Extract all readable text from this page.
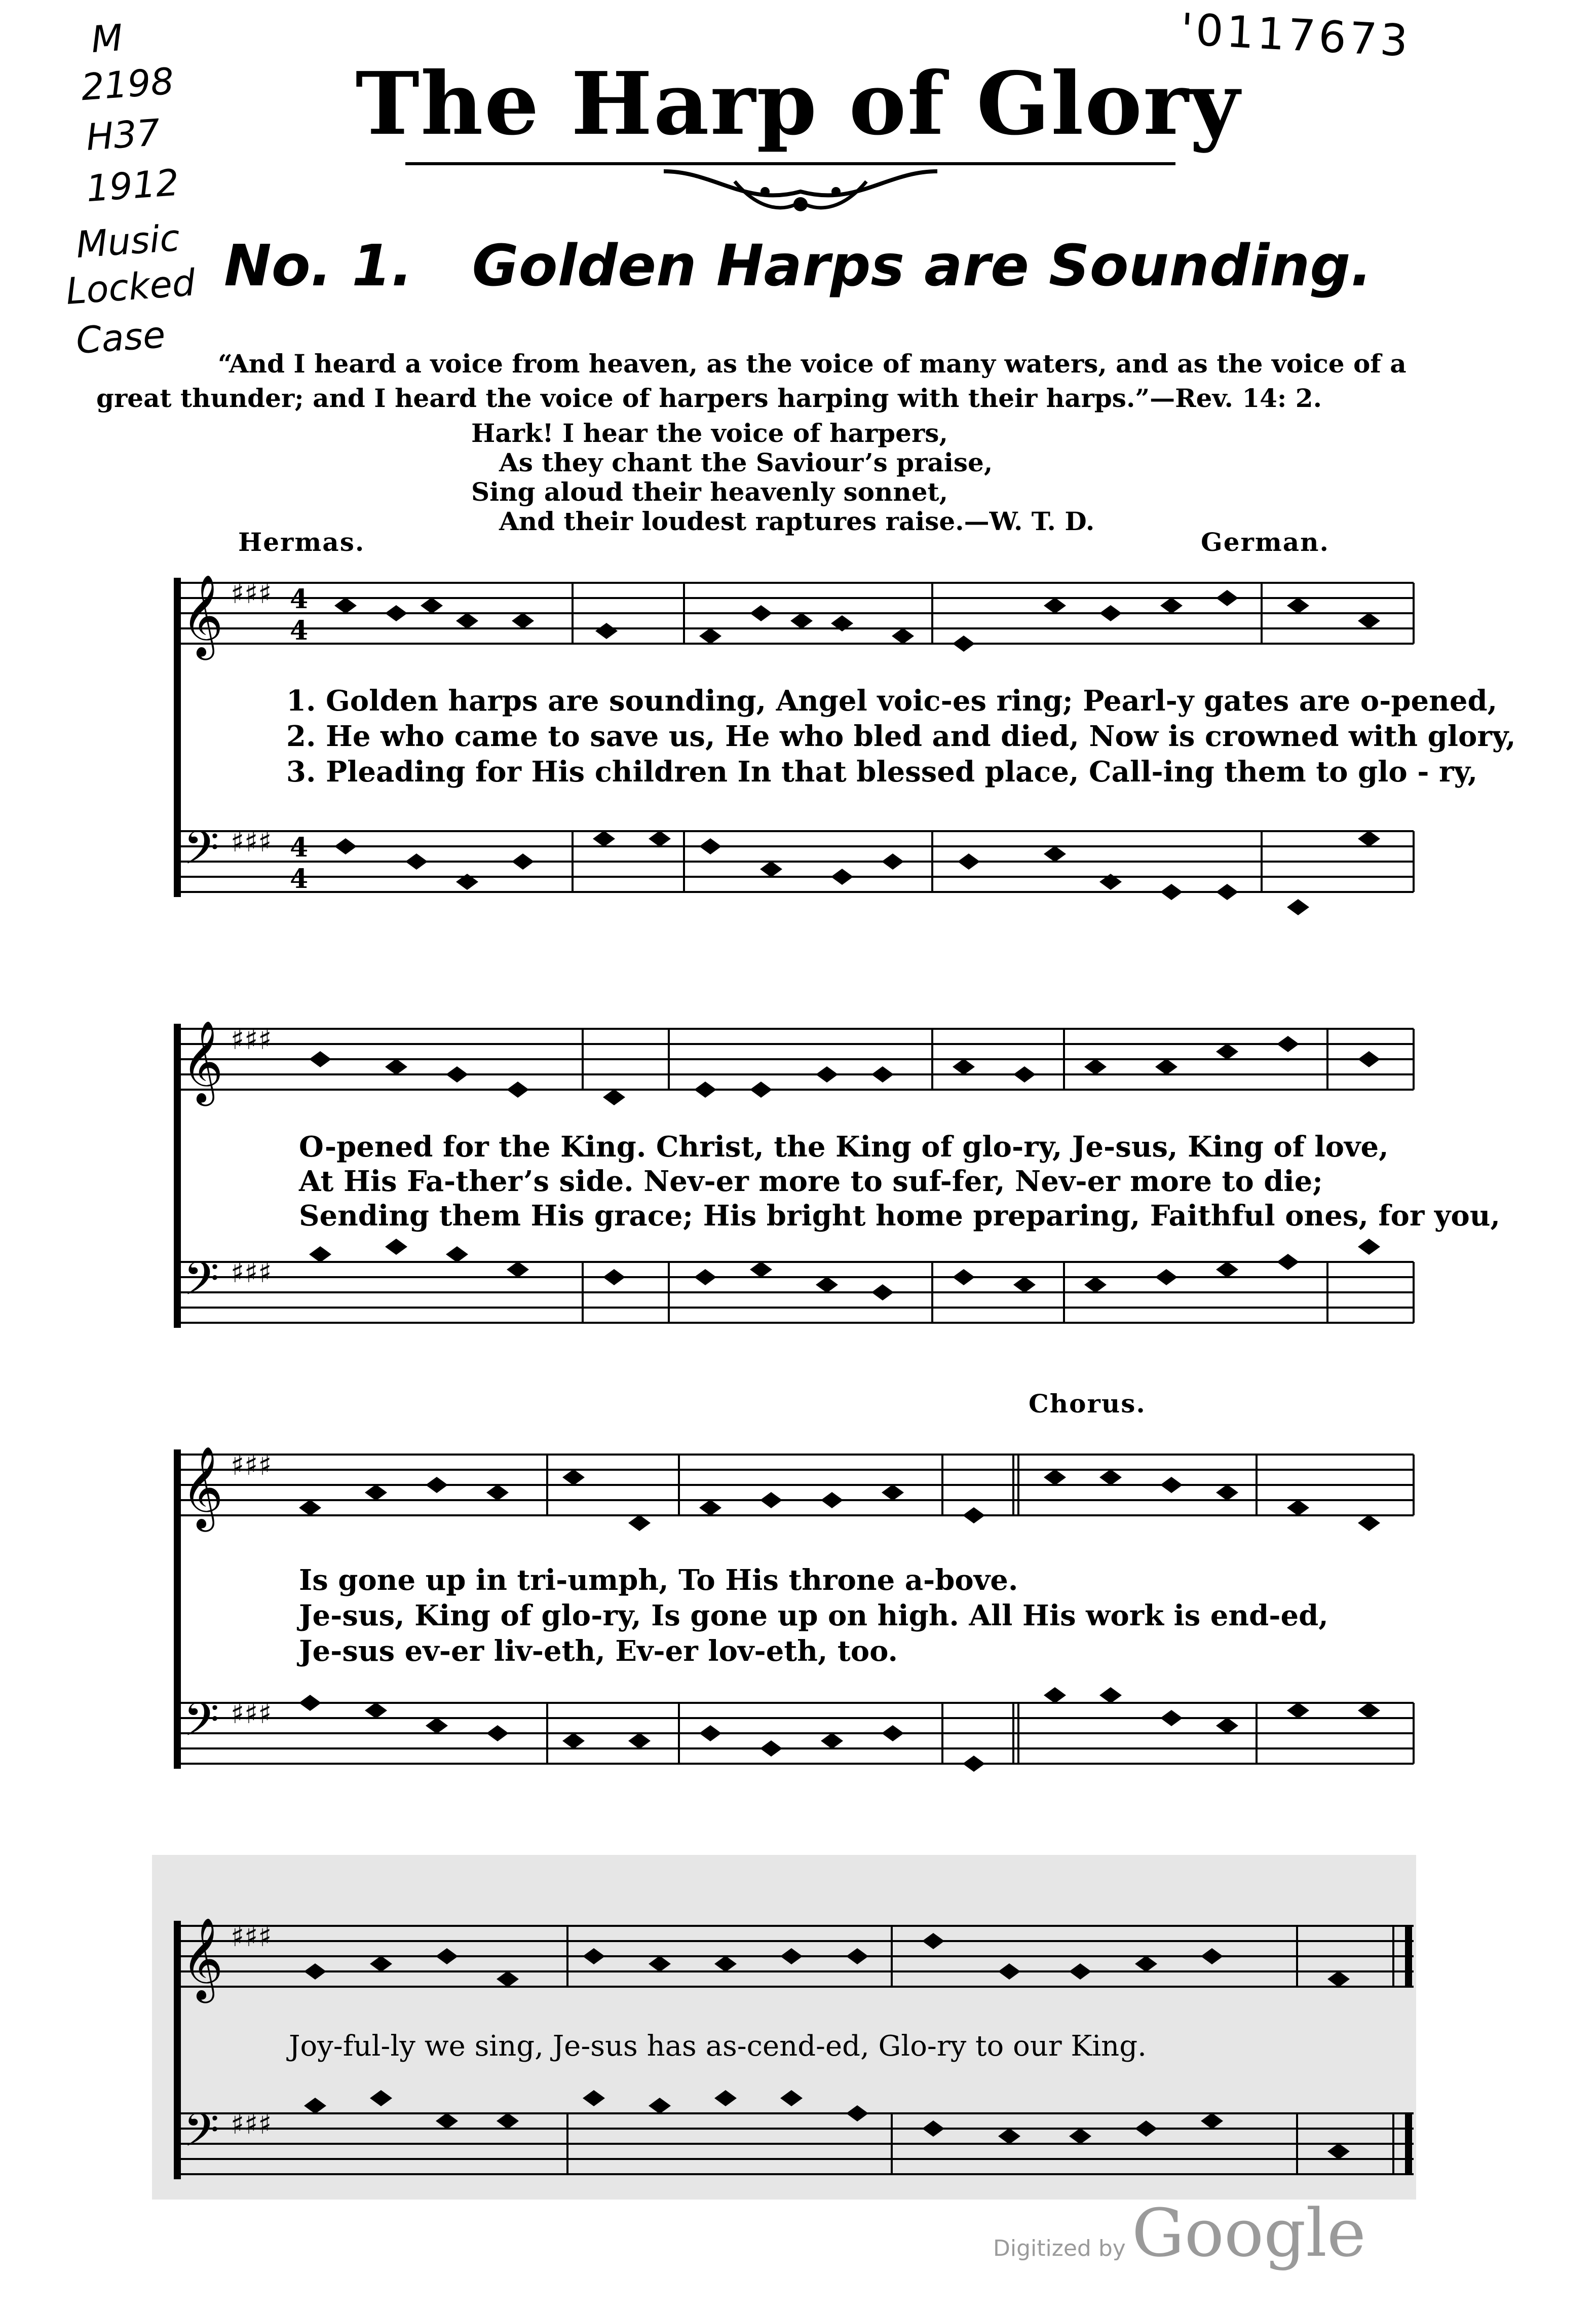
'0117673
M
2198
H37
1912
Music
Locked
Case
The Harp of Glory
No. 1. Golden Harps are Sounding.
“And I heard a voice from heaven, as the voice of many waters, and as the voice of a
great thunder; and I heard the voice of harpers harping with their harps.”—Rev. 14: 2.
Hark! I hear the voice of harpers,
As they chant the Saviour’s praise,
Sing aloud their heavenly sonnet,
And their loudest raptures raise.—W. T. D.
Hermas.	German.
Chorus.
𝄞
𝄢
♯♯♯
♯♯♯
4
4
4
4
1. Golden harps are sounding, Angel voic-es ring; Pearl-y gates are o-pened,
2. He who came to save us, He who bled and died, Now is crowned with glory,
3. Pleading for His children In that blessed place, Call-ing them to glo - ry,
𝄞
𝄢
♯♯♯
♯♯♯
O-pened for the King. Christ, the King of glo-ry, Je-sus, King of love,
At His Fa-ther’s side. Nev-er more to suf-fer, Nev-er more to die;
Sending them His grace; His bright home preparing, Faithful ones, for you,
𝄞
𝄢
♯♯♯
♯♯♯
Is gone up in tri-umph, To His throne a-bove.
Je-sus, King of glo-ry, Is gone up on high. All His work is end-ed,
Je-sus ev-er liv-eth, Ev-er lov-eth, too.
𝄞
𝄢
♯♯♯
♯♯♯
Joy-ful-ly we sing, Je-sus has as-cend-ed, Glo-ry to our King.
Digitized byGoogle
